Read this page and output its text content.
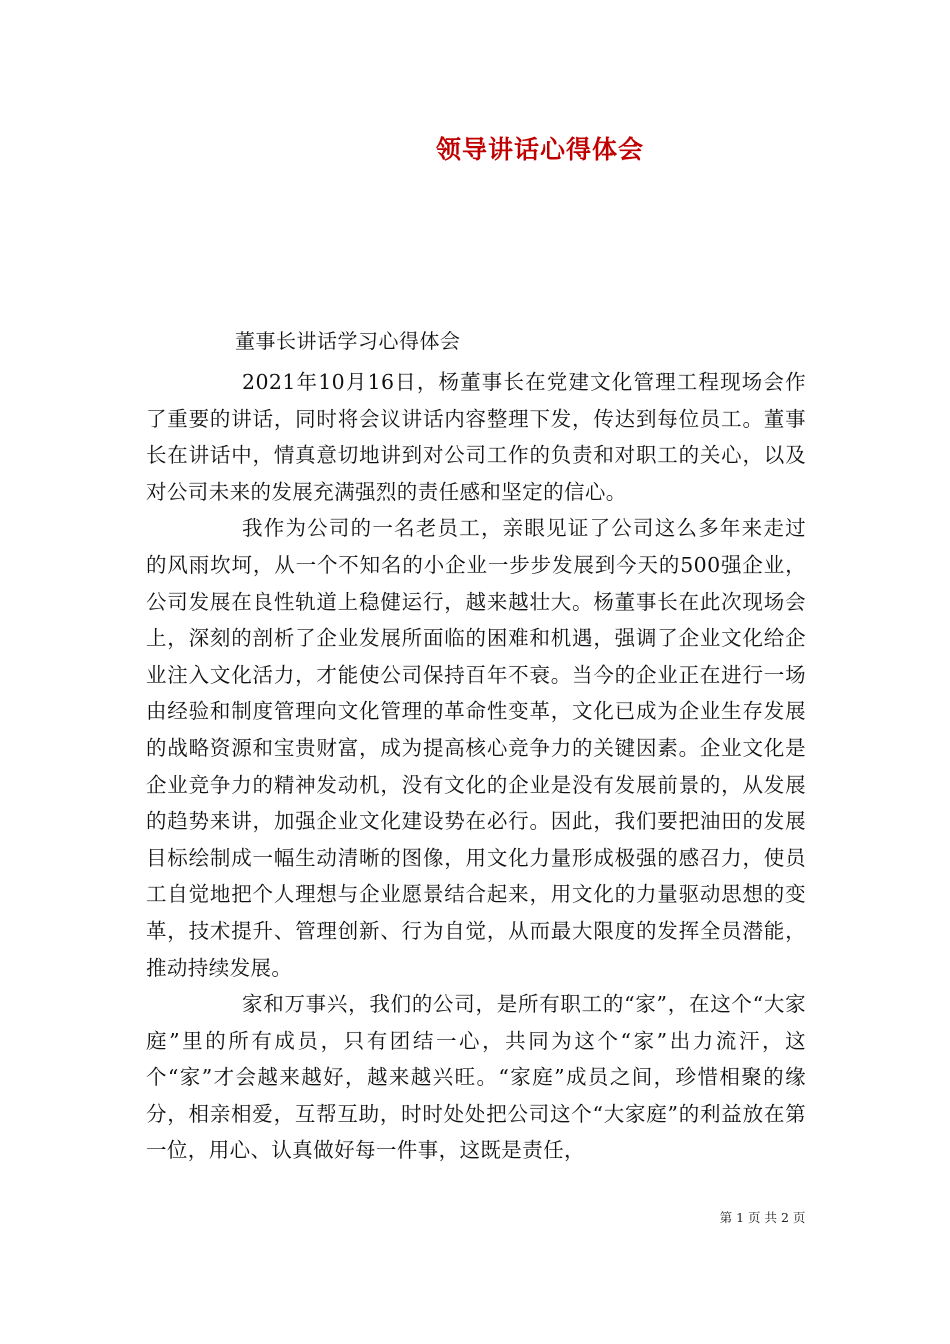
领导讲话心得体会
董事长讲话学习心得体会

2021年10月16日，杨董事长在党建文化管理工程现场会作了重要的讲话，同时将会议讲话内容整理下发，传达到每位员工。董事长在讲话中，情真意切地讲到对公司工作的负责和对职工的关心，以及对公司未来的发展充满强烈的责任感和坚定的信心。

我作为公司的一名老员工，亲眼见证了公司这么多年来走过的风雨坎坷，从一个不知名的小企业一步步发展到今天的500强企业，公司发展在良性轨道上稳健运行，越来越壮大。杨董事长在此次现场会上，深刻的剖析了企业发展所面临的困难和机遇，强调了企业文化给企业注入文化活力，才能使公司保持百年不衰。当今的企业正在进行一场由经验和制度管理向文化管理的革命性变革，文化已成为企业生存发展的战略资源和宝贵财富，成为提高核心竞争力的关键因素。企业文化是企业竞争力的精神发动机，没有文化的企业是没有发展前景的，从发展的趋势来讲，加强企业文化建设势在必行。因此，我们要把油田的发展目标绘制成一幅生动清晰的图像，用文化力量形成极强的感召力，使员工自觉地把个人理想与企业愿景结合起来，用文化的力量驱动思想的变革，技术提升、管理创新、行为自觉，从而最大限度的发挥全员潜能，推动持续发展。

家和万事兴，我们的公司，是所有职工的“家”，在这个“大家庭”里的所有成员，只有团结一心，共同为这个“家”出力流汗，这个“家”才会越来越好，越来越兴旺。“家庭”成员之间，珍惜相聚的缘分，相亲相爱，互帮互助，时时处处把公司这个“大家庭”的利益放在第一位，用心、认真做好每一件事，这既是责任，

第 1 页 共 2 页
